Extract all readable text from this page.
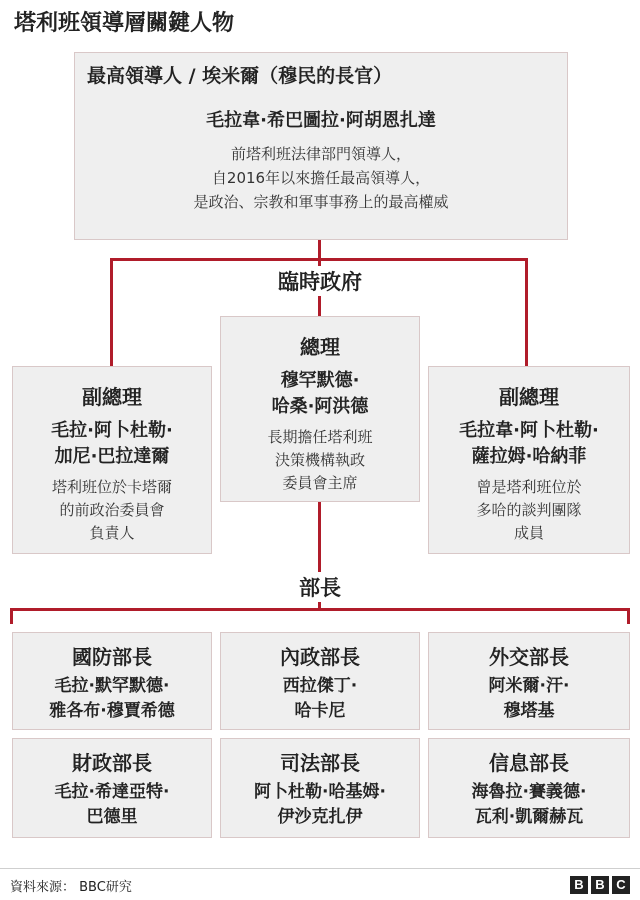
塔利班領導層關鍵人物
最高領導人 / 埃米爾（穆民的長官）
毛拉韋·希巴圖拉·阿胡恩扎達
前塔利班法律部門領導人，
自2016年以來擔任最高領導人，
是政治、宗教和軍事事務上的最高權威
臨時政府
總理
穆罕默德·
哈桑·阿洪德
長期擔任塔利班
決策機構執政
委員會主席
副總理
毛拉·阿卜杜勒·
加尼·巴拉達爾
塔利班位於卡塔爾
的前政治委員會
負責人
副總理
毛拉韋·阿卜杜勒·
薩拉姆·哈納菲
曾是塔利班位於
多哈的談判團隊
成員
部長
國防部長
毛拉·默罕默德·
雅各布·穆賈希德
內政部長
西拉傑丁·
哈卡尼
外交部長
阿米爾·汗·
穆塔基
財政部長
毛拉·希達亞特·
巴德里
司法部長
阿卜杜勒·哈基姆·
伊沙克扎伊
信息部長
海魯拉·賽義德·
瓦利·凱爾赫瓦
資料來源： BBC研究	B B C
